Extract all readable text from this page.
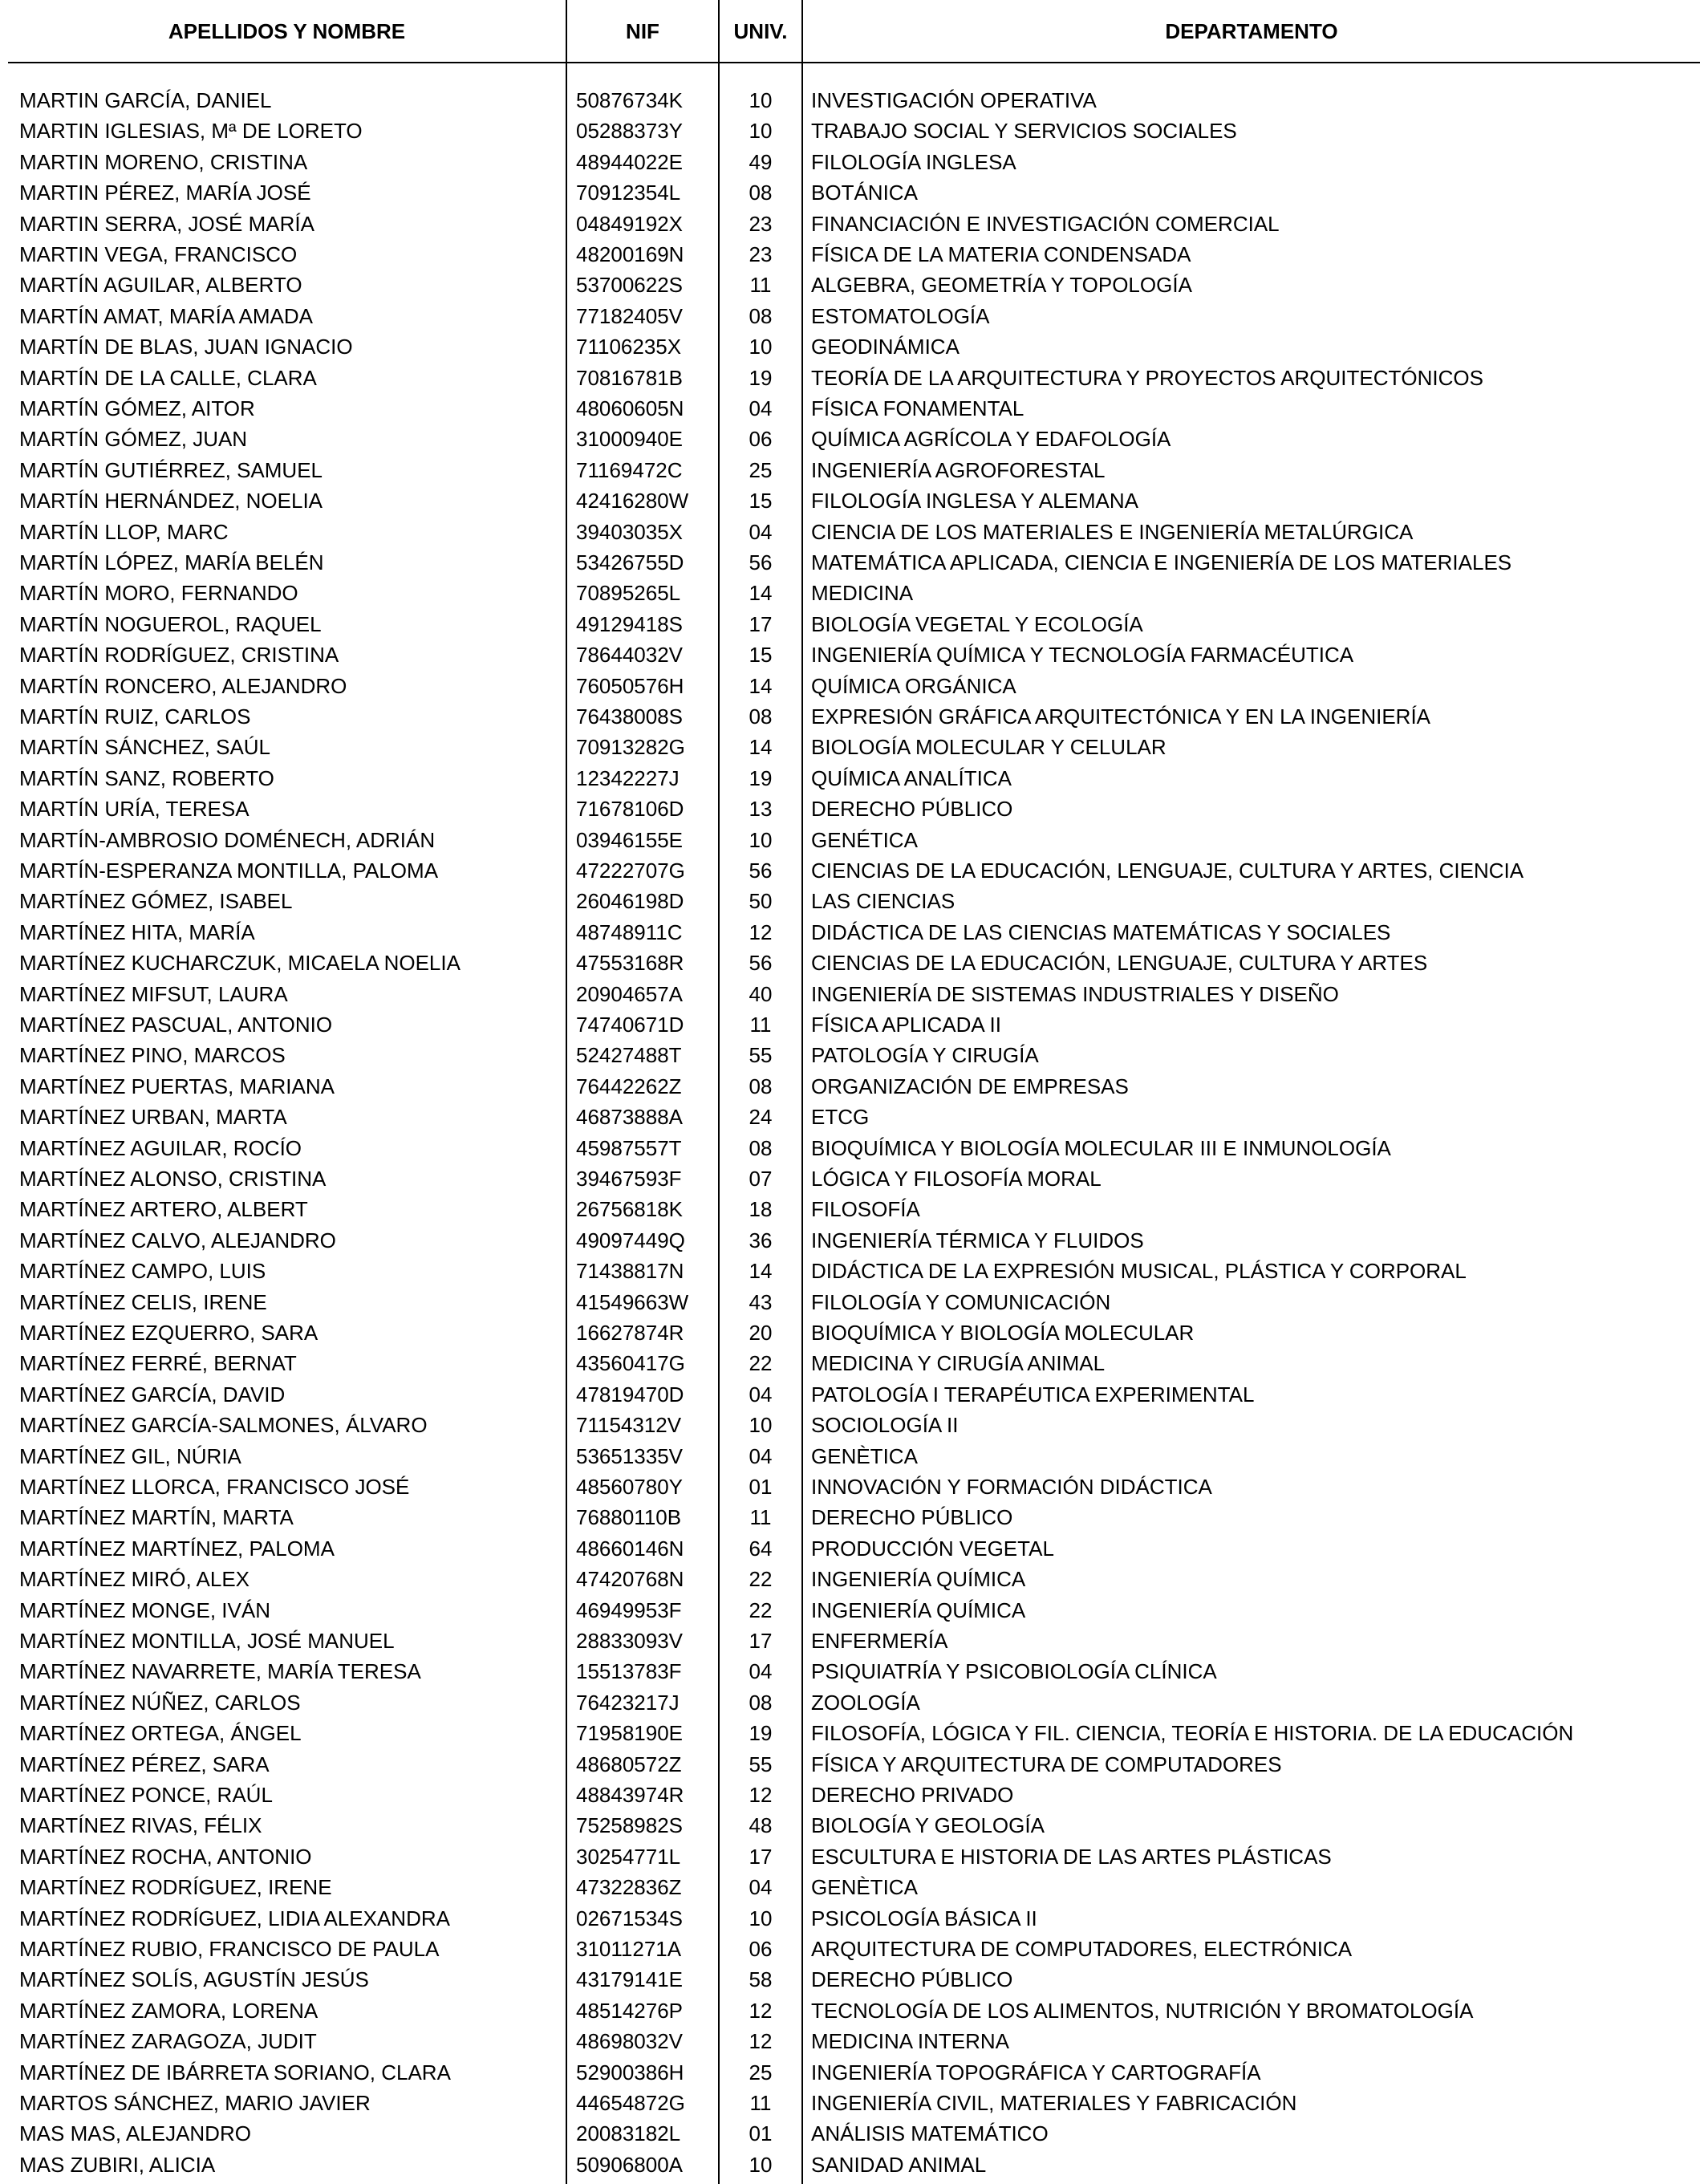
APELLIDOS Y NOMBRE	NIF	UNIV.	DEPARTAMENTO
MARTIN GARCÍA, DANIEL	50876734K	10	INVESTIGACIÓN OPERATIVA
MARTIN IGLESIAS, Mª DE LORETO	05288373Y	10	TRABAJO SOCIAL Y SERVICIOS SOCIALES
MARTIN MORENO, CRISTINA	48944022E	49	FILOLOGÍA INGLESA
MARTIN PÉREZ, MARÍA JOSÉ	70912354L	08	BOTÁNICA
MARTIN SERRA, JOSÉ MARÍA	04849192X	23	FINANCIACIÓN E INVESTIGACIÓN COMERCIAL
MARTIN VEGA, FRANCISCO	48200169N	23	FÍSICA DE LA MATERIA CONDENSADA
MARTÍN AGUILAR, ALBERTO	53700622S	11	ALGEBRA, GEOMETRÍA Y TOPOLOGÍA
MARTÍN AMAT, MARÍA AMADA	77182405V	08	ESTOMATOLOGÍA
MARTÍN DE BLAS, JUAN IGNACIO	71106235X	10	GEODINÁMICA
MARTÍN DE LA CALLE, CLARA	70816781B	19	TEORÍA DE LA ARQUITECTURA Y PROYECTOS ARQUITECTÓNICOS
MARTÍN GÓMEZ, AITOR	48060605N	04	FÍSICA FONAMENTAL
MARTÍN GÓMEZ, JUAN	31000940E	06	QUÍMICA AGRÍCOLA Y EDAFOLOGÍA
MARTÍN GUTIÉRREZ, SAMUEL	71169472C	25	INGENIERÍA AGROFORESTAL
MARTÍN HERNÁNDEZ, NOELIA	42416280W	15	FILOLOGÍA INGLESA Y ALEMANA
MARTÍN LLOP, MARC	39403035X	04	CIENCIA DE LOS MATERIALES E INGENIERÍA METALÚRGICA
MARTÍN LÓPEZ, MARÍA BELÉN	53426755D	56	MATEMÁTICA APLICADA, CIENCIA E INGENIERÍA DE LOS MATERIALES
MARTÍN MORO, FERNANDO	70895265L	14	MEDICINA
MARTÍN NOGUEROL, RAQUEL	49129418S	17	BIOLOGÍA VEGETAL Y ECOLOGÍA
MARTÍN RODRÍGUEZ, CRISTINA	78644032V	15	INGENIERÍA QUÍMICA Y TECNOLOGÍA FARMACÉUTICA
MARTÍN RONCERO, ALEJANDRO	76050576H	14	QUÍMICA ORGÁNICA
MARTÍN RUIZ, CARLOS	76438008S	08	EXPRESIÓN GRÁFICA ARQUITECTÓNICA Y EN LA INGENIERÍA
MARTÍN SÁNCHEZ, SAÚL	70913282G	14	BIOLOGÍA MOLECULAR Y CELULAR
MARTÍN SANZ, ROBERTO	12342227J	19	QUÍMICA ANALÍTICA
MARTÍN URÍA, TERESA	71678106D	13	DERECHO PÚBLICO
MARTÍN-AMBROSIO DOMÉNECH, ADRIÁN	03946155E	10	GENÉTICA
MARTÍN-ESPERANZA MONTILLA, PALOMA	47222707G	56	CIENCIAS DE LA EDUCACIÓN, LENGUAJE, CULTURA Y ARTES, CIENCIA
MARTÍNEZ GÓMEZ, ISABEL	26046198D	50	LAS CIENCIAS
MARTÍNEZ HITA, MARÍA	48748911C	12	DIDÁCTICA DE LAS CIENCIAS MATEMÁTICAS Y SOCIALES
MARTÍNEZ KUCHARCZUK, MICAELA NOELIA	47553168R	56	CIENCIAS DE LA EDUCACIÓN, LENGUAJE, CULTURA Y ARTES
MARTÍNEZ MIFSUT, LAURA	20904657A	40	INGENIERÍA DE SISTEMAS INDUSTRIALES Y DISEÑO
MARTÍNEZ PASCUAL, ANTONIO	74740671D	11	FÍSICA APLICADA II
MARTÍNEZ PINO, MARCOS	52427488T	55	PATOLOGÍA Y CIRUGÍA
MARTÍNEZ PUERTAS, MARIANA	76442262Z	08	ORGANIZACIÓN DE EMPRESAS
MARTÍNEZ URBAN, MARTA	46873888A	24	ETCG
MARTÍNEZ AGUILAR, ROCÍO	45987557T	08	BIOQUÍMICA Y BIOLOGÍA MOLECULAR III E INMUNOLOGÍA
MARTÍNEZ ALONSO, CRISTINA	39467593F	07	LÓGICA Y FILOSOFÍA MORAL
MARTÍNEZ ARTERO, ALBERT	26756818K	18	FILOSOFÍA
MARTÍNEZ CALVO, ALEJANDRO	49097449Q	36	INGENIERÍA TÉRMICA Y FLUIDOS
MARTÍNEZ CAMPO, LUIS	71438817N	14	DIDÁCTICA DE LA EXPRESIÓN MUSICAL, PLÁSTICA Y CORPORAL
MARTÍNEZ CELIS, IRENE	41549663W	43	FILOLOGÍA Y COMUNICACIÓN
MARTÍNEZ EZQUERRO, SARA	16627874R	20	BIOQUÍMICA Y BIOLOGÍA MOLECULAR
MARTÍNEZ FERRÉ, BERNAT	43560417G	22	MEDICINA Y CIRUGÍA ANIMAL
MARTÍNEZ GARCÍA, DAVID	47819470D	04	PATOLOGÍA I TERAPÉUTICA EXPERIMENTAL
MARTÍNEZ GARCÍA-SALMONES, ÁLVARO	71154312V	10	SOCIOLOGÍA II
MARTÍNEZ GIL, NÚRIA	53651335V	04	GENÈTICA
MARTÍNEZ LLORCA, FRANCISCO JOSÉ	48560780Y	01	INNOVACIÓN Y FORMACIÓN DIDÁCTICA
MARTÍNEZ MARTÍN, MARTA	76880110B	11	DERECHO PÚBLICO
MARTÍNEZ MARTÍNEZ, PALOMA	48660146N	64	PRODUCCIÓN VEGETAL
MARTÍNEZ MIRÓ, ALEX	47420768N	22	INGENIERÍA QUÍMICA
MARTÍNEZ MONGE, IVÁN	46949953F	22	INGENIERÍA QUÍMICA
MARTÍNEZ MONTILLA, JOSÉ MANUEL	28833093V	17	ENFERMERÍA
MARTÍNEZ NAVARRETE, MARÍA TERESA	15513783F	04	PSIQUIATRÍA Y PSICOBIOLOGÍA CLÍNICA
MARTÍNEZ NÚÑEZ, CARLOS	76423217J	08	ZOOLOGÍA
MARTÍNEZ ORTEGA, ÁNGEL	71958190E	19	FILOSOFÍA, LÓGICA Y FIL. CIENCIA, TEORÍA E HISTORIA. DE LA EDUCACIÓN
MARTÍNEZ PÉREZ, SARA	48680572Z	55	FÍSICA Y ARQUITECTURA DE COMPUTADORES
MARTÍNEZ PONCE, RAÚL	48843974R	12	DERECHO PRIVADO
MARTÍNEZ RIVAS, FÉLIX	75258982S	48	BIOLOGÍA Y GEOLOGÍA
MARTÍNEZ ROCHA, ANTONIO	30254771L	17	ESCULTURA E HISTORIA DE LAS ARTES PLÁSTICAS
MARTÍNEZ RODRÍGUEZ, IRENE	47322836Z	04	GENÈTICA
MARTÍNEZ RODRÍGUEZ, LIDIA ALEXANDRA	02671534S	10	PSICOLOGÍA BÁSICA II
MARTÍNEZ RUBIO, FRANCISCO DE PAULA	31011271A	06	ARQUITECTURA DE COMPUTADORES, ELECTRÓNICA
MARTÍNEZ SOLÍS, AGUSTÍN JESÚS	43179141E	58	DERECHO PÚBLICO
MARTÍNEZ ZAMORA, LORENA	48514276P	12	TECNOLOGÍA DE LOS ALIMENTOS, NUTRICIÓN Y BROMATOLOGÍA
MARTÍNEZ ZARAGOZA, JUDIT	48698032V	12	MEDICINA INTERNA
MARTÍNEZ DE IBÁRRETA SORIANO, CLARA	52900386H	25	INGENIERÍA TOPOGRÁFICA Y CARTOGRAFÍA
MARTOS SÁNCHEZ, MARIO JAVIER	44654872G	11	INGENIERÍA CIVIL, MATERIALES Y FABRICACIÓN
MAS MAS, ALEJANDRO	20083182L	01	ANÁLISIS MATEMÁTICO
MAS ZUBIRI, ALICIA	50906800A	10	SANIDAD ANIMAL
